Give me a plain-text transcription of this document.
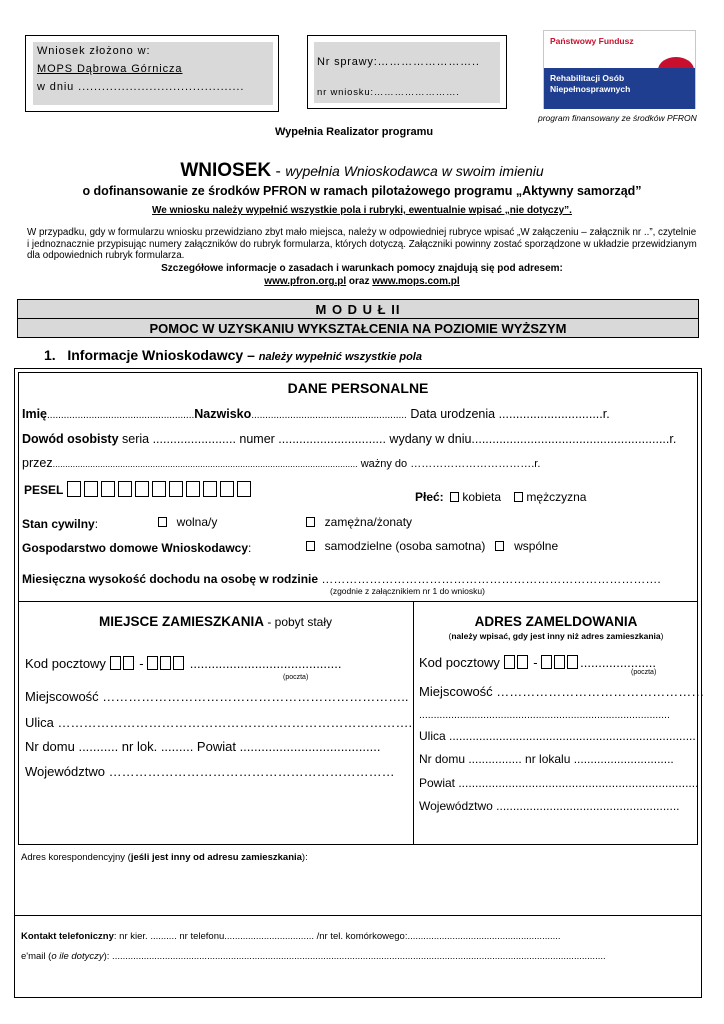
Wniosek złożono w:
MOPS Dąbrowa Górnicza
w dniu ..........................................
Nr sprawy:……………………..
nr wniosku:…………………….
Państwowy Fundusz
Rehabilitacji Osób
Niepełnosprawnych
program finansowany ze środków PFRON
Wypełnia Realizator programu
WNIOSEK - wypełnia Wnioskodawca w swoim imieniu
o dofinansowanie ze środków PFRON w ramach pilotażowego programu „Aktywny samorząd”
We wniosku należy wypełnić wszystkie pola i rubryki, ewentualnie wpisać „nie dotyczy”.
W przypadku, gdy w formularzu wniosku przewidziano zbyt mało miejsca, należy w odpowiedniej rubryce wpisać „W załączeniu – załącznik nr ..”, czytelnie i jednoznacznie przypisując numery załączników do rubryk formularza, których dotyczą. Załączniki powinny zostać sporządzone w układzie przewidzianym dla odpowiednich rubryk formularza.
Szczegółowe informacje o zasadach i warunkach pomocy znajdują się pod adresem:
www.pfron.org.pl oraz www.mops.com.pl
M O D U Ł II
POMOC W UZYSKANIU WYKSZTAŁCENIA NA POZIOMIE WYŻSZYM
1. Informacje Wnioskodawcy – należy wypełnić wszystkie pola
DANE PERSONALNE
Imię.....................................................Nazwisko........................................................ Data urodzenia ..............................r.
Dowód osobisty seria ........................ numer ............................... wydany w dniu.........................................................r.
przez.......................................................................................................................... ważny do …………………………….r.
PESEL	Płeć: kobieta mężczyzna
Stan cywilny:	wolna/y	zamężna/żonaty
Gospodarstwo domowe Wnioskodawcy:	samodzielne (osoba samotna) wspólne
Miesięczna wysokość dochodu na osobę w rodzinie ………………………………………………………………………….
(zgodnie z załącznikiem nr 1 do wniosku)
MIEJSCE ZAMIESZKANIA - pobyt stały
Kod pocztowy	-	..........................................
(poczta)
Miejscowość ……………………………………………………………..
Ulica ……………………………………………………………………….
Nr domu ........... nr lok. ......... Powiat .......................................
Województwo …………………………………………………………
ADRES ZAMELDOWANIA
(należy wpisać, gdy jest inny niż adres zamieszkania)
Kod pocztowy	-	.....................
(poczta)
Miejscowość …………………………………………
......................................................................................
Ulica ..........................................................................
Nr domu ................ nr lokalu ..............................
Powiat ........................................................................
Województwo .......................................................
Adres korespondencyjny (jeśli jest inny od adresu zamieszkania):
Kontakt telefoniczny: nr kier. .......... nr telefonu.................................. /nr tel. komórkowego:..........................................................
e'mail (o ile dotyczy): ...........................................................................................................................................................................................
